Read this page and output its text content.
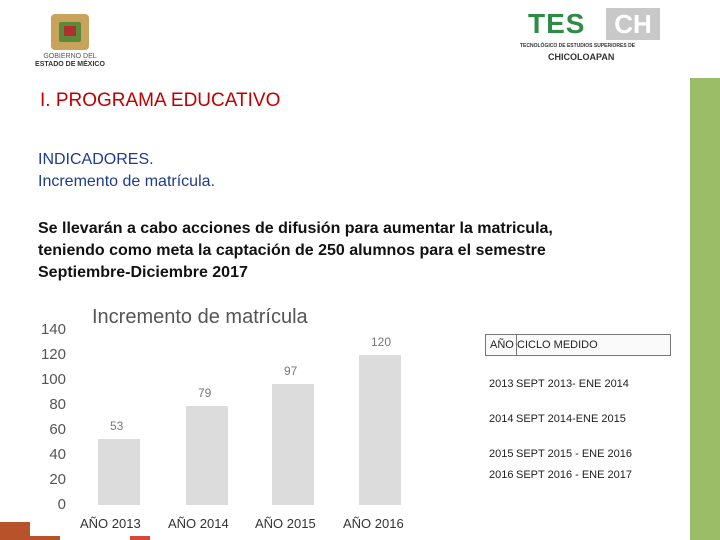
GOBIERNO DEL
ESTADO DE MÉXICO
TES	CH
TECNOLÓGICO DE ESTUDIOS SUPERIORES DE
CHICOLOAPAN
I. PROGRAMA EDUCATIVO
INDICADORES.
Incremento de matrícula.
Se llevarán a cabo acciones de difusión para aumentar la matricula,
teniendo como meta la captación de 250 alumnos para el semestre
Septiembre-Diciembre 2017
Incremento de matrícula
140
120
100
80
60
40
20
0
53
AÑO 2013
79
AÑO 2014
97
AÑO 2015
120
AÑO 2016
AÑO CICLO MEDIDO
2013 SEPT 2013- ENE 2014
2014 SEPT 2014-ENE 2015
2015 SEPT 2015 - ENE 2016
2016 SEPT 2016 - ENE 2017
